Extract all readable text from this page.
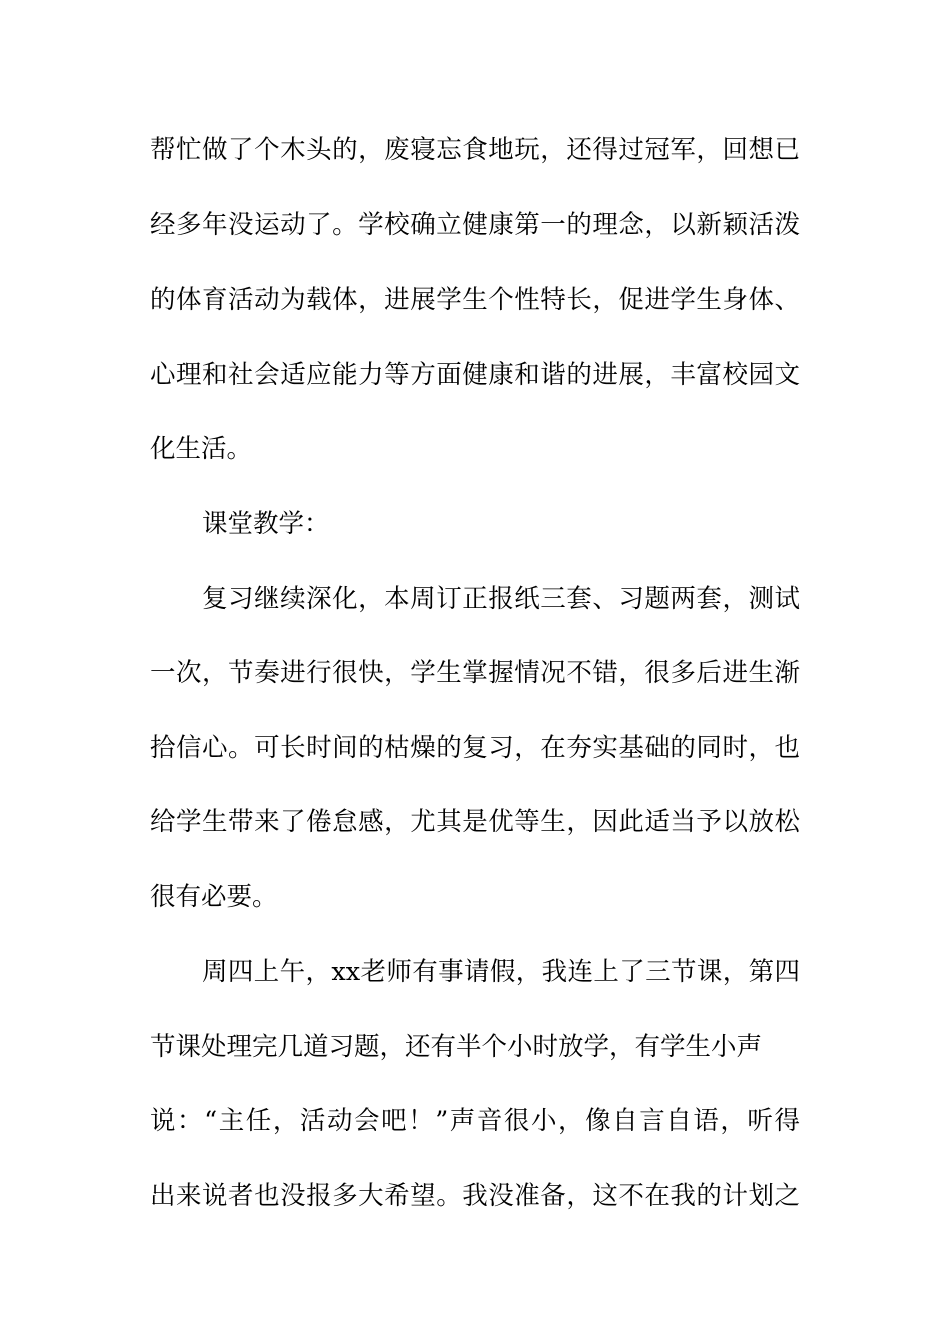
帮忙做了个木头的，废寝忘食地玩，还得过冠军，回想已
经多年没运动了。学校确立健康第一的理念，以新颖活泼
的体育活动为载体，进展学生个性特长，促进学生身体、
心理和社会适应能力等方面健康和谐的进展，丰富校园文
化生活。
课堂教学：
复习继续深化，本周订正报纸三套、习题两套，测试
一次，节奏进行很快，学生掌握情况不错，很多后进生渐
拾信心。可长时间的枯燥的复习，在夯实基础的同时，也
给学生带来了倦怠感，尤其是优等生，因此适当予以放松
很有必要。
周四上午，xx老师有事请假，我连上了三节课，第四
节课处理完几道习题，还有半个小时放学，有学生小声
说：“主任，活动会吧！”声音很小，像自言自语，听得
出来说者也没报多大希望。我没准备，这不在我的计划之
